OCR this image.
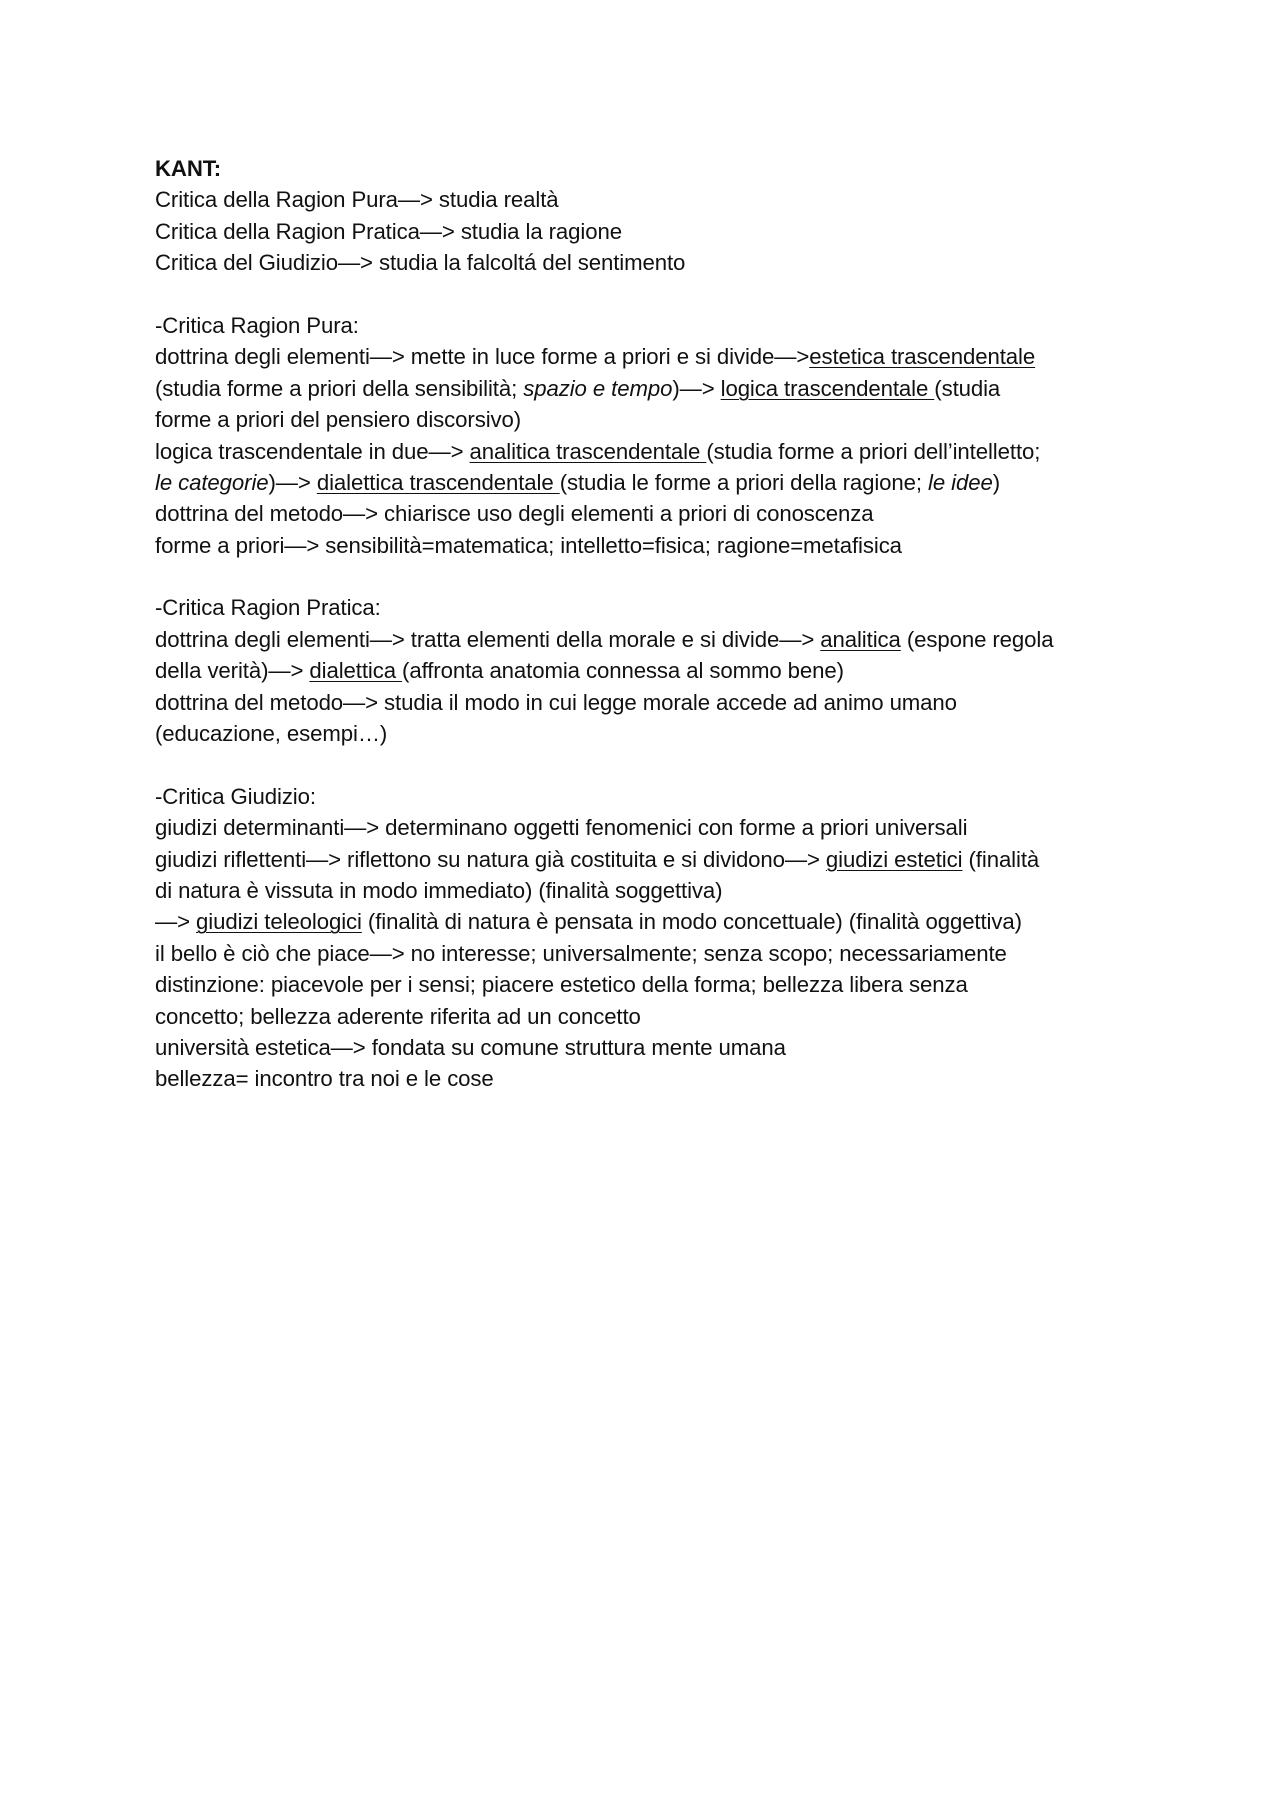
KANT:
Critica della Ragion Pura—> studia realtà
Critica della Ragion Pratica—> studia la ragione
Critica del Giudizio—> studia la falcoltá del sentimento
-Critica Ragion Pura:
dottrina degli elementi—> mette in luce forme a priori e si divide—>estetica trascendentale
(studia forme a priori della sensibilità; spazio e tempo)—> logica trascendentale (studia
forme a priori del pensiero discorsivo)
logica trascendentale in due—> analitica trascendentale (studia forme a priori dell’intelletto;
le categorie)—> dialettica trascendentale (studia le forme a priori della ragione; le idee)
dottrina del metodo—> chiarisce uso degli elementi a priori di conoscenza
forme a priori—> sensibilità=matematica; intelletto=fisica; ragione=metafisica
-Critica Ragion Pratica:
dottrina degli elementi—> tratta elementi della morale e si divide—> analitica (espone regola
della verità)—> dialettica (affronta anatomia connessa al sommo bene)
dottrina del metodo—> studia il modo in cui legge morale accede ad animo umano
(educazione, esempi…)
-Critica Giudizio:
giudizi determinanti—> determinano oggetti fenomenici con forme a priori universali
giudizi riflettenti—> riflettono su natura già costituita e si dividono—> giudizi estetici (finalità
di natura è vissuta in modo immediato) (finalità soggettiva)
—> giudizi teleologici (finalità di natura è pensata in modo concettuale) (finalità oggettiva)
il bello è ciò che piace—> no interesse; universalmente; senza scopo; necessariamente
distinzione: piacevole per i sensi; piacere estetico della forma; bellezza libera senza
concetto; bellezza aderente riferita ad un concetto
università estetica—> fondata su comune struttura mente umana
bellezza= incontro tra noi e le cose
